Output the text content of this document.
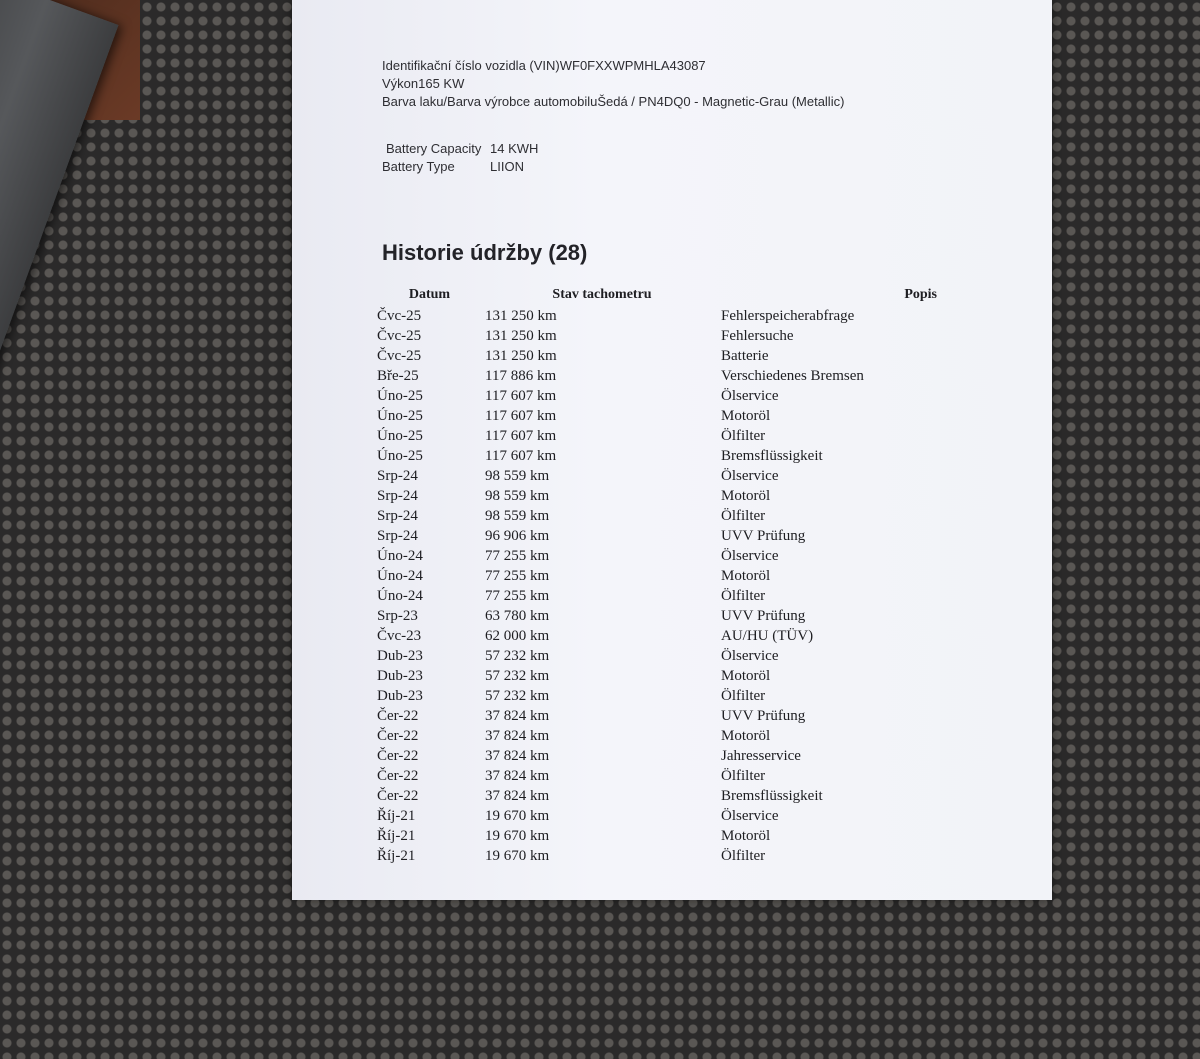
Identifikační číslo vozidla (VIN)WF0FXXWPMHLA43087
Výkon165 KW
Barva laku/Barva výrobce automobiluŠedá / PN4DQ0 - Magnetic-Grau (Metallic)
Battery Capacity 14 KWH
Battery Type	LIION
Historie údržby (28)
Datum	Stav tachometru	Popis
Čvc-25	131 250 km	Fehlerspeicherabfrage
Čvc-25	131 250 km	Fehlersuche
Čvc-25	131 250 km	Batterie
Bře-25	117 886 km	Verschiedenes Bremsen
Úno-25	117 607 km	Ölservice
Úno-25	117 607 km	Motoröl
Úno-25	117 607 km	Ölfilter
Úno-25	117 607 km	Bremsflüssigkeit
Srp-24	98 559 km	Ölservice
Srp-24	98 559 km	Motoröl
Srp-24	98 559 km	Ölfilter
Srp-24	96 906 km	UVV Prüfung
Úno-24	77 255 km	Ölservice
Úno-24	77 255 km	Motoröl
Úno-24	77 255 km	Ölfilter
Srp-23	63 780 km	UVV Prüfung
Čvc-23	62 000 km	AU/HU (TÜV)
Dub-23	57 232 km	Ölservice
Dub-23	57 232 km	Motoröl
Dub-23	57 232 km	Ölfilter
Čer-22	37 824 km	UVV Prüfung
Čer-22	37 824 km	Motoröl
Čer-22	37 824 km	Jahresservice
Čer-22	37 824 km	Ölfilter
Čer-22	37 824 km	Bremsflüssigkeit
Říj-21	19 670 km	Ölservice
Říj-21	19 670 km	Motoröl
Říj-21	19 670 km	Ölfilter
